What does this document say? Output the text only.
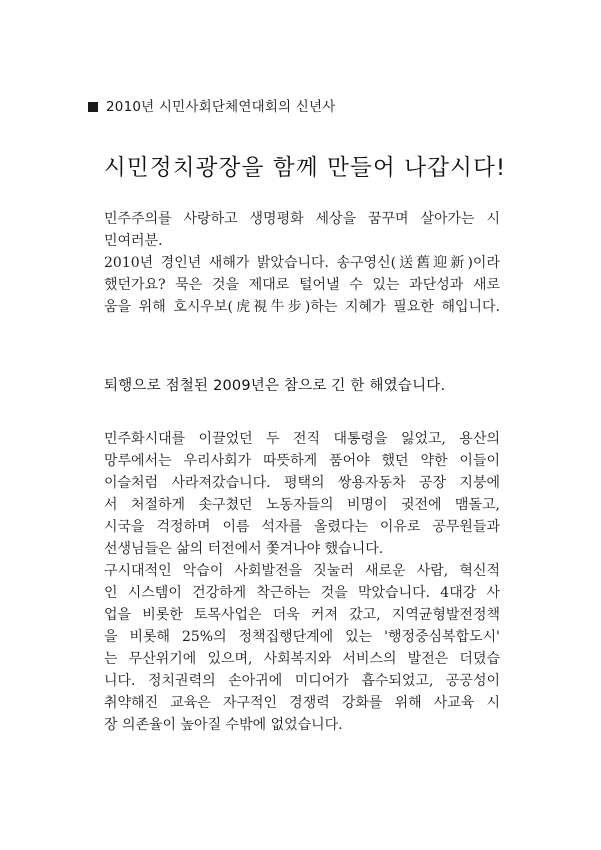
2010년 시민사회단체연대회의 신년사
시민정치광장을 함께 만들어 나갑시다!
민주주의를 사랑하고 생명평화 세상을 꿈꾸며 살아가는 시
민여러분.
2010년 경인년 새해가 밝았습니다. 송구영신(送舊迎新)이라
했던가요? 묵은 것을 제대로 털어낼 수 있는 과단성과 새로
움을 위해 호시우보(虎視牛步)하는 지혜가 필요한 해입니다.
퇴행으로 점철된 2009년은 참으로 긴 한 해였습니다.
민주화시대를 이끌었던 두 전직 대통령을 잃었고, 용산의
망루에서는 우리사회가 따뜻하게 품어야 했던 약한 이들이
이슬처럼 사라져갔습니다. 평택의 쌍용자동차 공장 지붕에
서 처절하게 솟구쳤던 노동자들의 비명이 귓전에 맴돌고,
시국을 걱정하며 이름 석자를 올렸다는 이유로 공무원들과
선생님들은 삶의 터전에서 쫓겨나야 했습니다.
구시대적인 악습이 사회발전을 짓눌러 새로운 사람, 혁신적
인 시스템이 건강하게 착근하는 것을 막았습니다. 4대강 사
업을 비롯한 토목사업은 더욱 커져 갔고, 지역균형발전정책
을 비롯해 25%의 정책집행단계에 있는 '행정중심복합도시'
는 무산위기에 있으며, 사회복지와 서비스의 발전은 더뎠습
니다. 정치권력의 손아귀에 미디어가 흡수되었고, 공공성이
취약해진 교육은 자구적인 경쟁력 강화를 위해 사교육 시
장 의존율이 높아질 수밖에 없었습니다.
